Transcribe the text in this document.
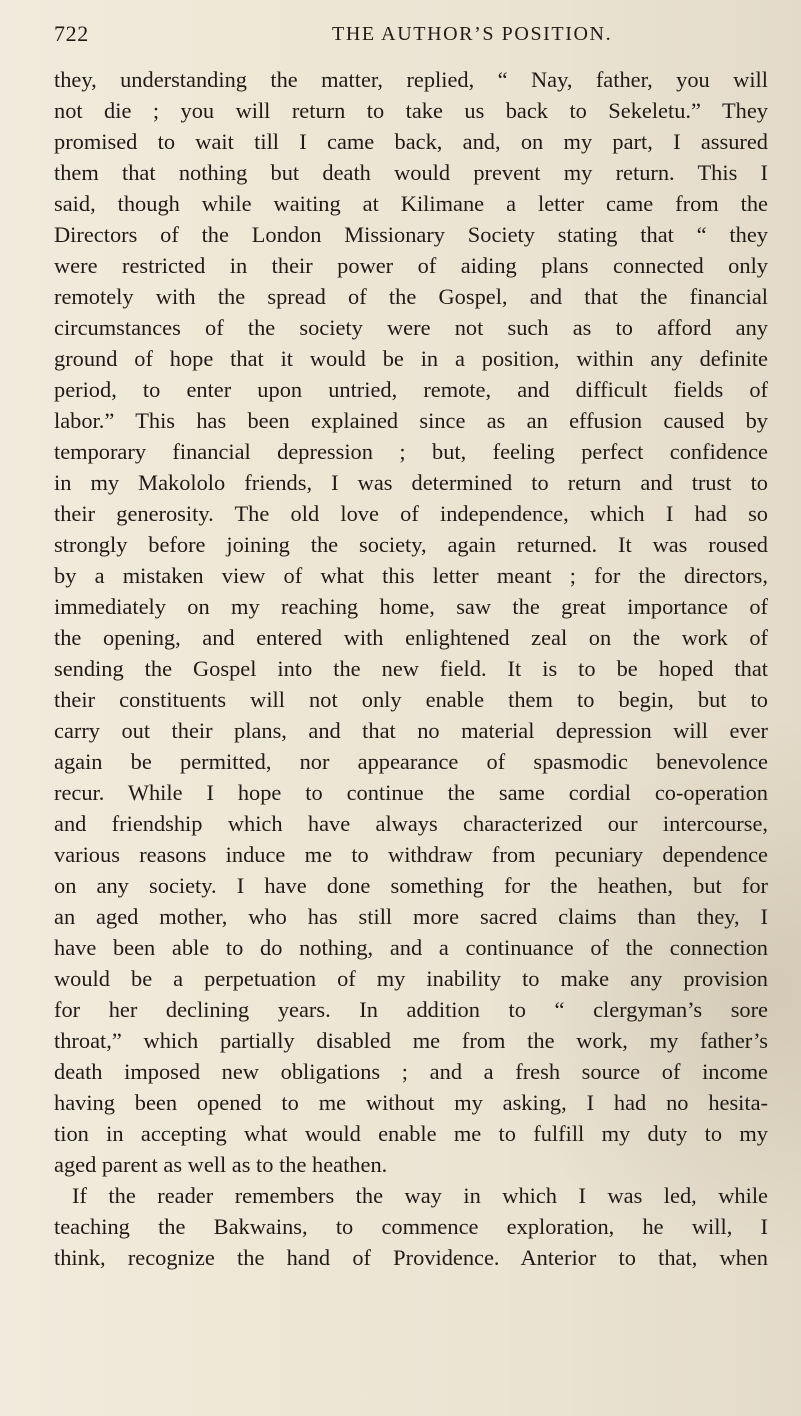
722	THE AUTHOR’S POSITION.
they, understanding the matter, replied, “ Nay, father, you will
not die ; you will return to take us back to Sekeletu.” They
promised to wait till I came back, and, on my part, I assured
them that nothing but death would prevent my return. This I
said, though while waiting at Kilimane a letter came from the
Directors of the London Missionary Society stating that “ they
were restricted in their power of aiding plans connected only
remotely with the spread of the Gospel, and that the financial
circumstances of the society were not such as to afford any
ground of hope that it would be in a position, within any definite
period, to enter upon untried, remote, and difficult fields of
labor.” This has been explained since as an effusion caused by
temporary financial depression ; but, feeling perfect confidence
in my Makololo friends, I was determined to return and trust to
their generosity. The old love of independence, which I had so
strongly before joining the society, again returned. It was roused
by a mistaken view of what this letter meant ; for the directors,
immediately on my reaching home, saw the great importance of
the opening, and entered with enlightened zeal on the work of
sending the Gospel into the new field. It is to be hoped that
their constituents will not only enable them to begin, but to
carry out their plans, and that no material depression will ever
again be permitted, nor appearance of spasmodic benevolence
recur. While I hope to continue the same cordial co-operation
and friendship which have always characterized our intercourse,
various reasons induce me to withdraw from pecuniary dependence
on any society. I have done something for the heathen, but for
an aged mother, who has still more sacred claims than they, I
have been able to do nothing, and a continuance of the connection
would be a perpetuation of my inability to make any provision
for her declining years. In addition to “ clergyman’s sore
throat,” which partially disabled me from the work, my father’s
death imposed new obligations ; and a fresh source of income
having been opened to me without my asking, I had no hesita-
tion in accepting what would enable me to fulfill my duty to my
aged parent as well as to the heathen.
If the reader remembers the way in which I was led, while
teaching the Bakwains, to commence exploration, he will, I
think, recognize the hand of Providence. Anterior to that, when
